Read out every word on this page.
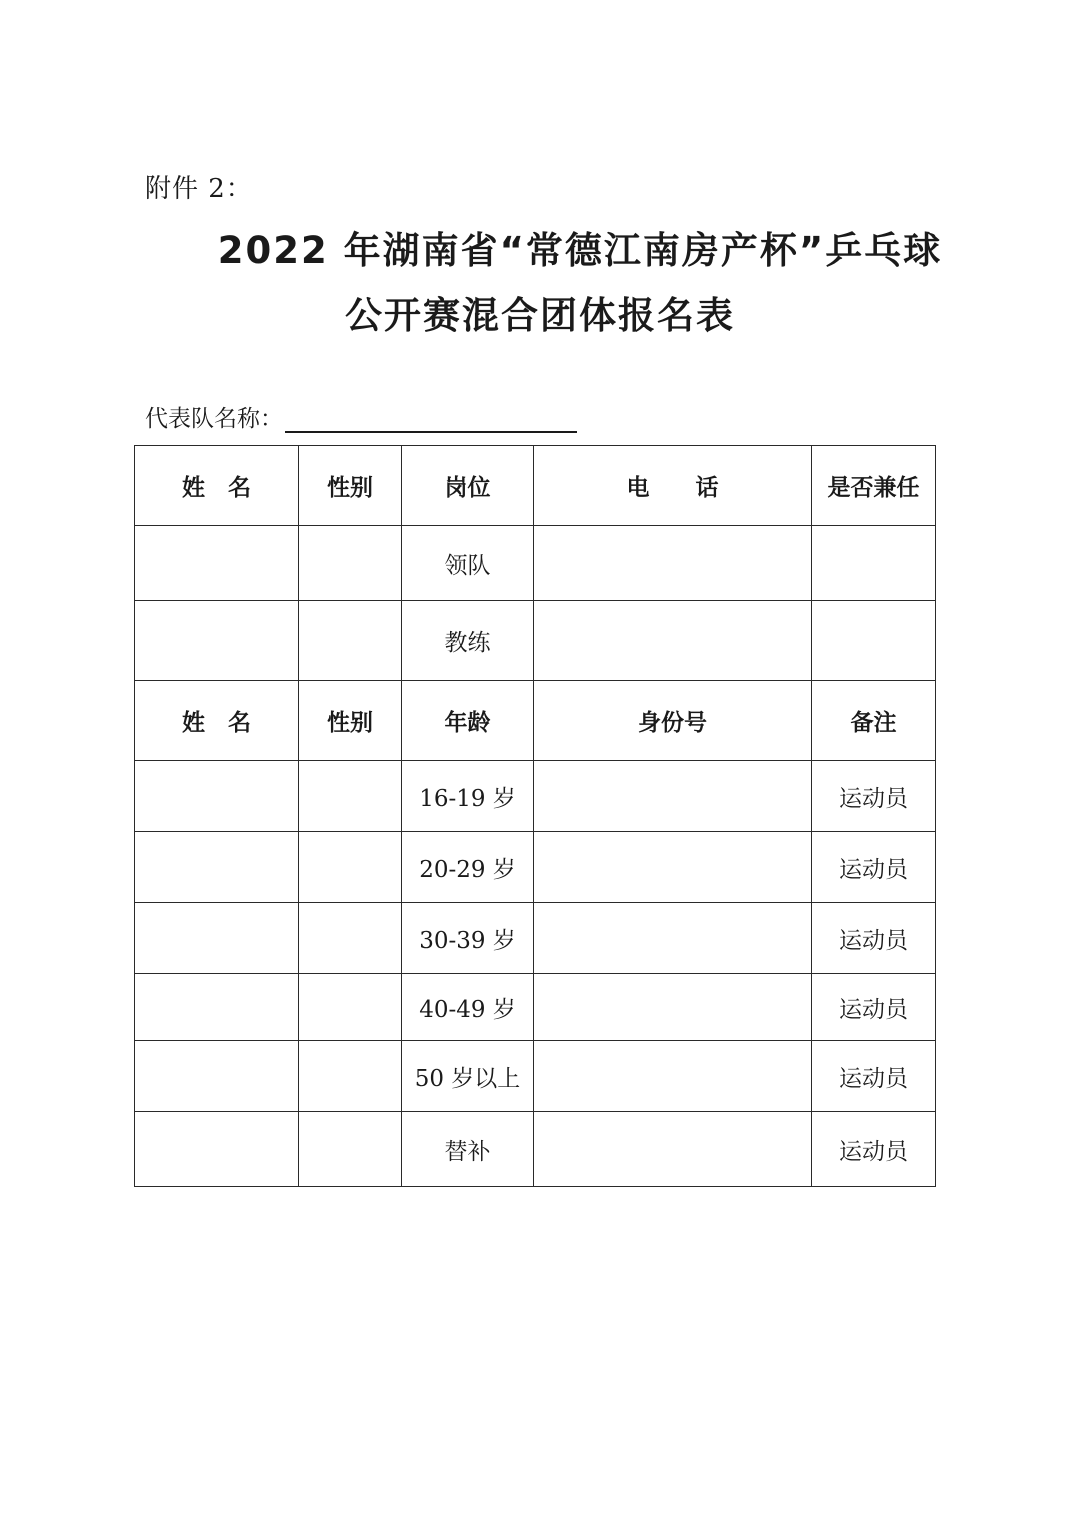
附件 2：
2022 年湖南省“常德江南房产杯”乒乓球
公开赛混合团体报名表
代表队名称：
姓　名	性别	岗位	电　　话	是否兼任
		领队		
		教练		
姓　名	性别	年龄	身份号	备注
		16-19 岁		运动员
		20-29 岁		运动员
		30-39 岁		运动员
		40-49 岁		运动员
		50 岁以上		运动员
		替补		运动员
